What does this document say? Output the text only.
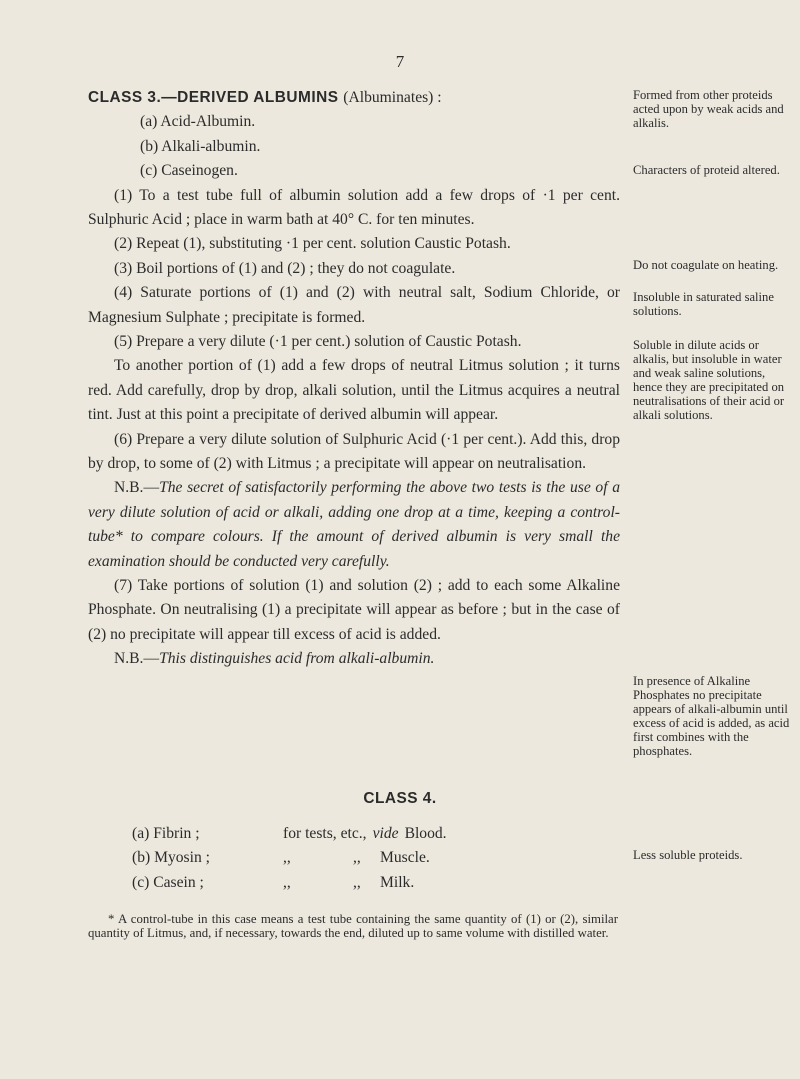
7
CLASS 3.—DERIVED ALBUMINS (Albuminates) :
(a) Acid-Albumin.
(b) Alkali-albumin.
(c) Caseinogen.

(1) To a test tube full of albumin solution add a few drops of ·1 per cent. Sulphuric Acid ; place in warm bath at 40° C. for ten minutes.

(2) Repeat (1), substituting ·1 per cent. solution Caustic Potash.

(3) Boil portions of (1) and (2) ; they do not coagulate.

(4) Saturate portions of (1) and (2) with neutral salt, Sodium Chloride, or Magnesium Sulphate ; precipitate is formed.

(5) Prepare a very dilute (·1 per cent.) solution of Caustic Potash.

To another portion of (1) add a few drops of neutral Litmus solution ; it turns red. Add carefully, drop by drop, alkali solution, until the Litmus acquires a neutral tint. Just at this point a precipitate of derived albumin will appear.

(6) Prepare a very dilute solution of Sulphuric Acid (·1 per cent.). Add this, drop by drop, to some of (2) with Litmus ; a precipitate will appear on neutralisation.

N.B.—The secret of satisfactorily performing the above two tests is the use of a very dilute solution of acid or alkali, adding one drop at a time, keeping a control-tube* to compare colours. If the amount of derived albumin is very small the examination should be conducted very carefully.

(7) Take portions of solution (1) and solution (2) ; add to each some Alkaline Phosphate. On neutralising (1) a precipitate will appear as before ; but in the case of (2) no precipitate will appear till excess of acid is added.

N.B.—This distinguishes acid from alkali-albumin.

Formed from other proteids acted upon by weak acids and alkalis.
Characters of proteid altered.
Do not coagulate on heating.
Insoluble in saturated saline solutions.
Soluble in dilute acids or alkalis, but insoluble in water and weak saline solutions, hence they are precipitated on neutralisations of their acid or alkali solutions.
In presence of Alkaline Phosphates no precipitate appears of alkali-albumin until excess of acid is added, as acid first combines with the phosphates.
Less soluble proteids.
CLASS 4.
(a) Fibrin ;	for tests, etc., vide Blood.
(b) Myosin ;	,,	,,	Muscle.
(c) Casein ;	,,	,,	Milk.
* A control-tube in this case means a test tube containing the same quantity of (1) or (2), similar quantity of Litmus, and, if necessary, towards the end, diluted up to same volume with distilled water.
